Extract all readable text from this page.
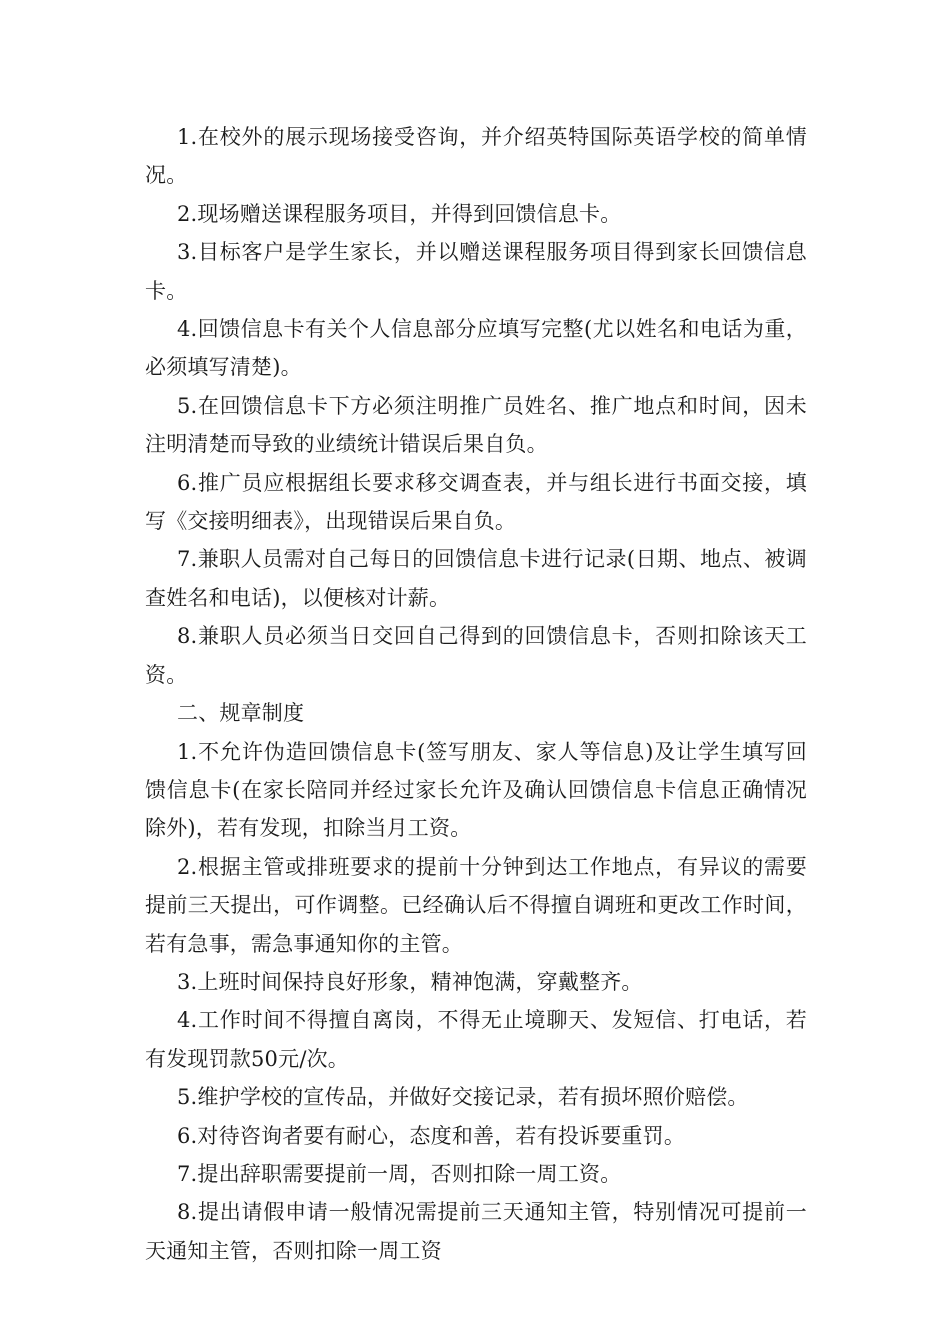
1.在校外的展示现场接受咨询，并介绍英特国际英语学校的简单情况。

2.现场赠送课程服务项目，并得到回馈信息卡。

3.目标客户是学生家长，并以赠送课程服务项目得到家长回馈信息卡。

4.回馈信息卡有关个人信息部分应填写完整(尤以姓名和电话为重，必须填写清楚)。

5.在回馈信息卡下方必须注明推广员姓名、推广地点和时间，因未注明清楚而导致的业绩统计错误后果自负。

6.推广员应根据组长要求移交调查表，并与组长进行书面交接，填写《交接明细表》，出现错误后果自负。

7.兼职人员需对自己每日的回馈信息卡进行记录(日期、地点、被调查姓名和电话)，以便核对计薪。

8.兼职人员必须当日交回自己得到的回馈信息卡，否则扣除该天工资。

二、规章制度

1.不允许伪造回馈信息卡(签写朋友、家人等信息)及让学生填写回馈信息卡(在家长陪同并经过家长允许及确认回馈信息卡信息正确情况除外)，若有发现，扣除当月工资。

2.根据主管或排班要求的提前十分钟到达工作地点，有异议的需要提前三天提出，可作调整。已经确认后不得擅自调班和更改工作时间，若有急事，需急事通知你的主管。

3.上班时间保持良好形象，精神饱满，穿戴整齐。

4.工作时间不得擅自离岗，不得无止境聊天、发短信、打电话，若有发现罚款50元/次。

5.维护学校的宣传品，并做好交接记录，若有损坏照价赔偿。

6.对待咨询者要有耐心，态度和善，若有投诉要重罚。

7.提出辞职需要提前一周，否则扣除一周工资。

8.提出请假申请一般情况需提前三天通知主管，特别情况可提前一天通知主管，否则扣除一周工资
